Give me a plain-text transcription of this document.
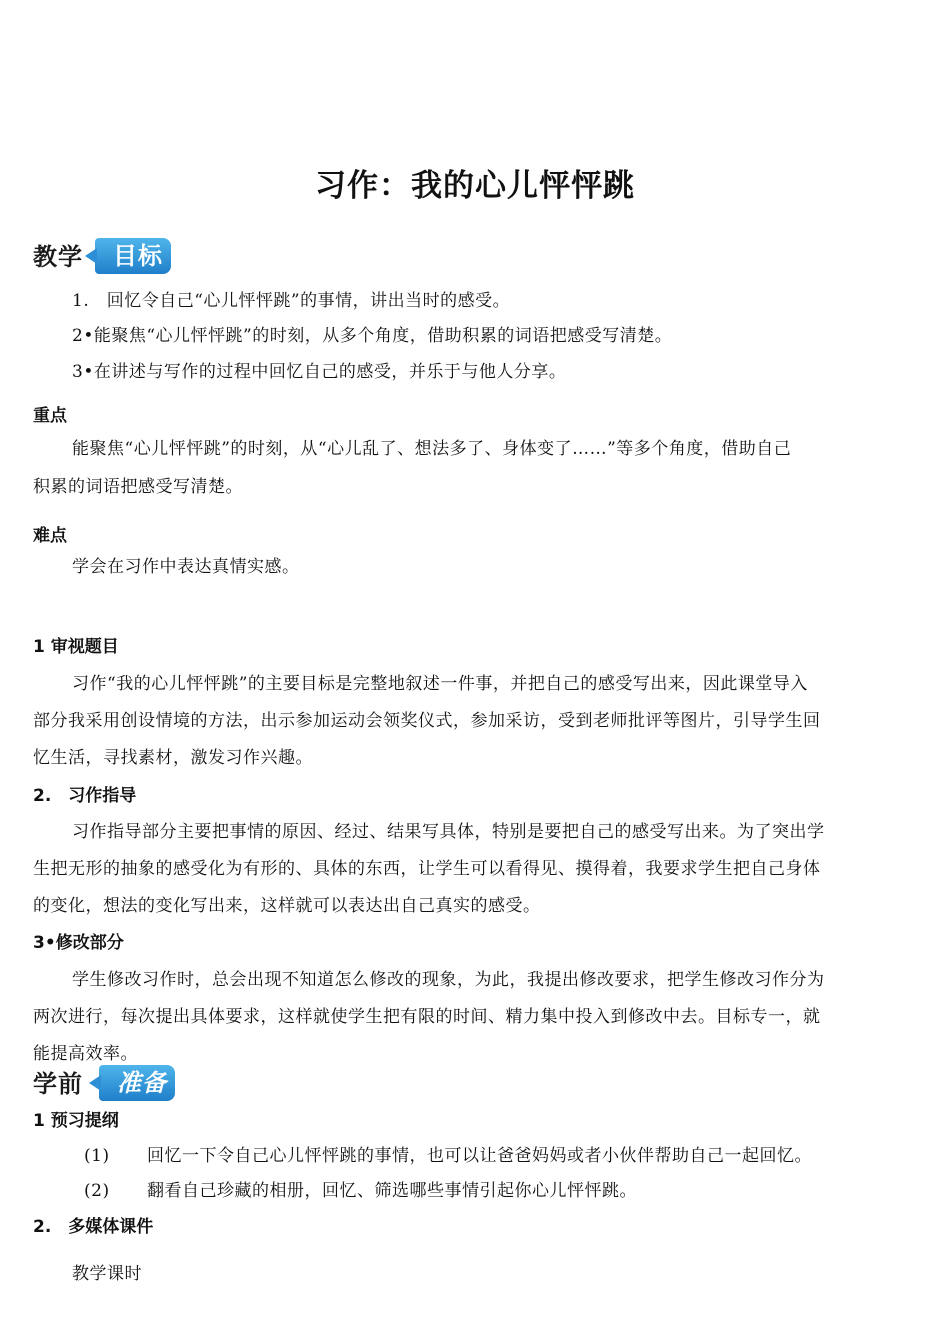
习作：我的心儿怦怦跳
教学	目标
1.　回忆令自己“心儿怦怦跳”的事情，讲出当时的感受。
2•能聚焦“心儿怦怦跳”的时刻，从多个角度，借助积累的词语把感受写清楚。
3•在讲述与写作的过程中回忆自己的感受，并乐于与他人分享。
重点
能聚焦“心儿怦怦跳”的时刻，从“心儿乱了、想法多了、身体变了……”等多个角度，借助自己
积累的词语把感受写清楚。
难点
学会在习作中表达真情实感。
1 审视题目
习作“我的心儿怦怦跳”的主要目标是完整地叙述一件事，并把自己的感受写出来，因此课堂导入
部分我采用创设情境的方法，出示参加运动会领奖仪式，参加采访，受到老师批评等图片，引导学生回
忆生活，寻找素材，激发习作兴趣。
2.　习作指导
习作指导部分主要把事情的原因、经过、结果写具体，特别是要把自己的感受写出来。为了突出学
生把无形的抽象的感受化为有形的、具体的东西，让学生可以看得见、摸得着，我要求学生把自己身体
的变化，想法的变化写出来，这样就可以表达出自己真实的感受。
3•修改部分
学生修改习作时，总会出现不知道怎么修改的现象，为此，我提出修改要求，把学生修改习作分为
两次进行，每次提出具体要求，这样就使学生把有限的时间、精力集中投入到修改中去。目标专一，就
能提高效率。
学前	准备
1 预习提纲
(1) 回忆一下令自己心儿怦怦跳的事情，也可以让爸爸妈妈或者小伙伴帮助自己一起回忆。
(2) 翻看自己珍藏的相册，回忆、筛选哪些事情引起你心儿怦怦跳。
2.　多媒体课件
教学课时
